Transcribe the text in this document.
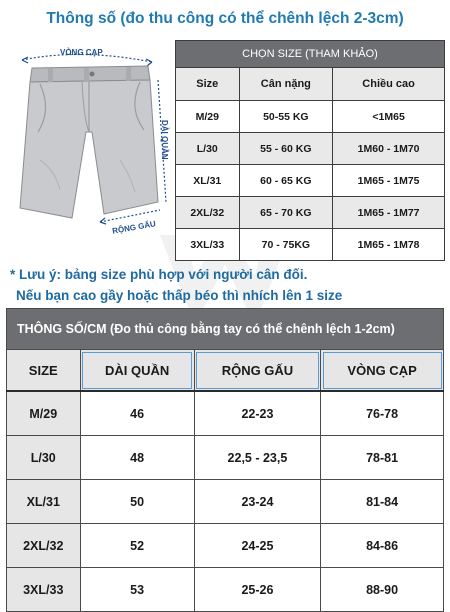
Thông số (đo thu công có thể chênh lệch 2-3cm)
VÒNG CẠP
DÀI QUẦN
RỘNG GẤU
CHỌN SIZE (THAM KHẢO)		
Size	Cân nặng	Chiều cao
M/29	50-55 KG	<1M65
L/30	55 - 60 KG	1M60 - 1M70
XL/31	60 - 65 KG	1M65 - 1M75
2XL/32	65 - 70 KG	1M65 - 1M77
3XL/33	70 - 75KG	1M65 - 1M78
* Lưu ý: bảng size phù hợp với người cân đối.
Nếu bạn cao gầy hoặc thấp béo thì nhích lên 1 size
THÔNG SỐ/CM (Đo thủ công bằng tay có thể chênh lệch 1-2cm)			
SIZE	DÀI QUẦN	RỘNG GẤU	VÒNG CẠP
M/29	46	22-23	76-78
L/30	48	22,5 - 23,5	78-81
XL/31	50	23-24	81-84
2XL/32	52	24-25	84-86
3XL/33	53	25-26	88-90
